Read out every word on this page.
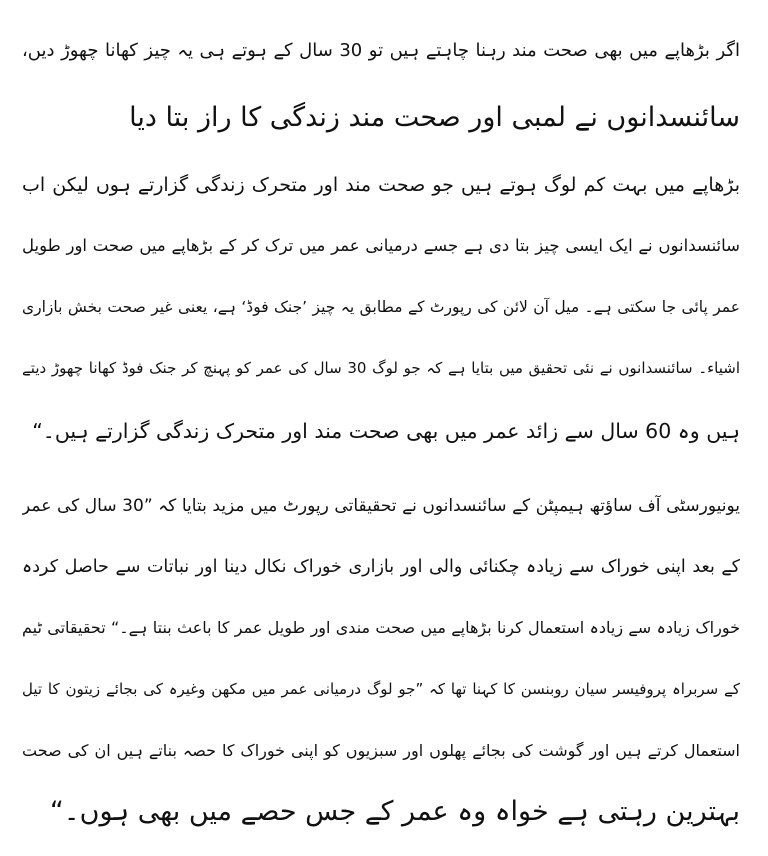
اگر بڑھاپے میں بھی صحت مند رہنا چاہتے ہیں تو 30 سال کے ہوتے ہی یہ چیز کھانا چھوڑ دیں،
سائنسدانوں نے لمبی اور صحت مند زندگی کا راز بتا دیا
بڑھاپے میں بہت کم لوگ ہوتے ہیں جو صحت مند اور متحرک زندگی گزارتے ہوں لیکن اب
سائنسدانوں نے ایک ایسی چیز بتا دی ہے جسے درمیانی عمر میں ترک کر کے بڑھاپے میں صحت اور طویل
عمر پائی جا سکتی ہے۔ میل آن لائن کی رپورٹ کے مطابق یہ چیز ’جنک فوڈ‘ ہے، یعنی غیر صحت بخش بازاری
اشیاء۔ سائنسدانوں نے نئی تحقیق میں بتایا ہے کہ جو لوگ 30 سال کی عمر کو پہنچ کر جنک فوڈ کھانا چھوڑ دیتے
ہیں وہ 60 سال سے زائد عمر میں بھی صحت مند اور متحرک زندگی گزارتے ہیں۔“
یونیورسٹی آف ساؤتھ ہیمپٹن کے سائنسدانوں نے تحقیقاتی رپورٹ میں مزید بتایا کہ ”30 سال کی عمر
کے بعد اپنی خوراک سے زیادہ چکنائی والی اور بازاری خوراک نکال دینا اور نباتات سے حاصل کردہ
خوراک زیادہ سے زیادہ استعمال کرنا بڑھاپے میں صحت مندی اور طویل عمر کا باعث بنتا ہے۔“ تحقیقاتی ٹیم
کے سربراہ پروفیسر سیان روبنسن کا کہنا تھا کہ ”جو لوگ درمیانی عمر میں مکھن وغیرہ کی بجائے زیتون کا تیل
استعمال کرتے ہیں اور گوشت کی بجائے پھلوں اور سبزیوں کو اپنی خوراک کا حصہ بناتے ہیں ان کی صحت
بہترین رہتی ہے خواہ وہ عمر کے جس حصے میں بھی ہوں۔“
